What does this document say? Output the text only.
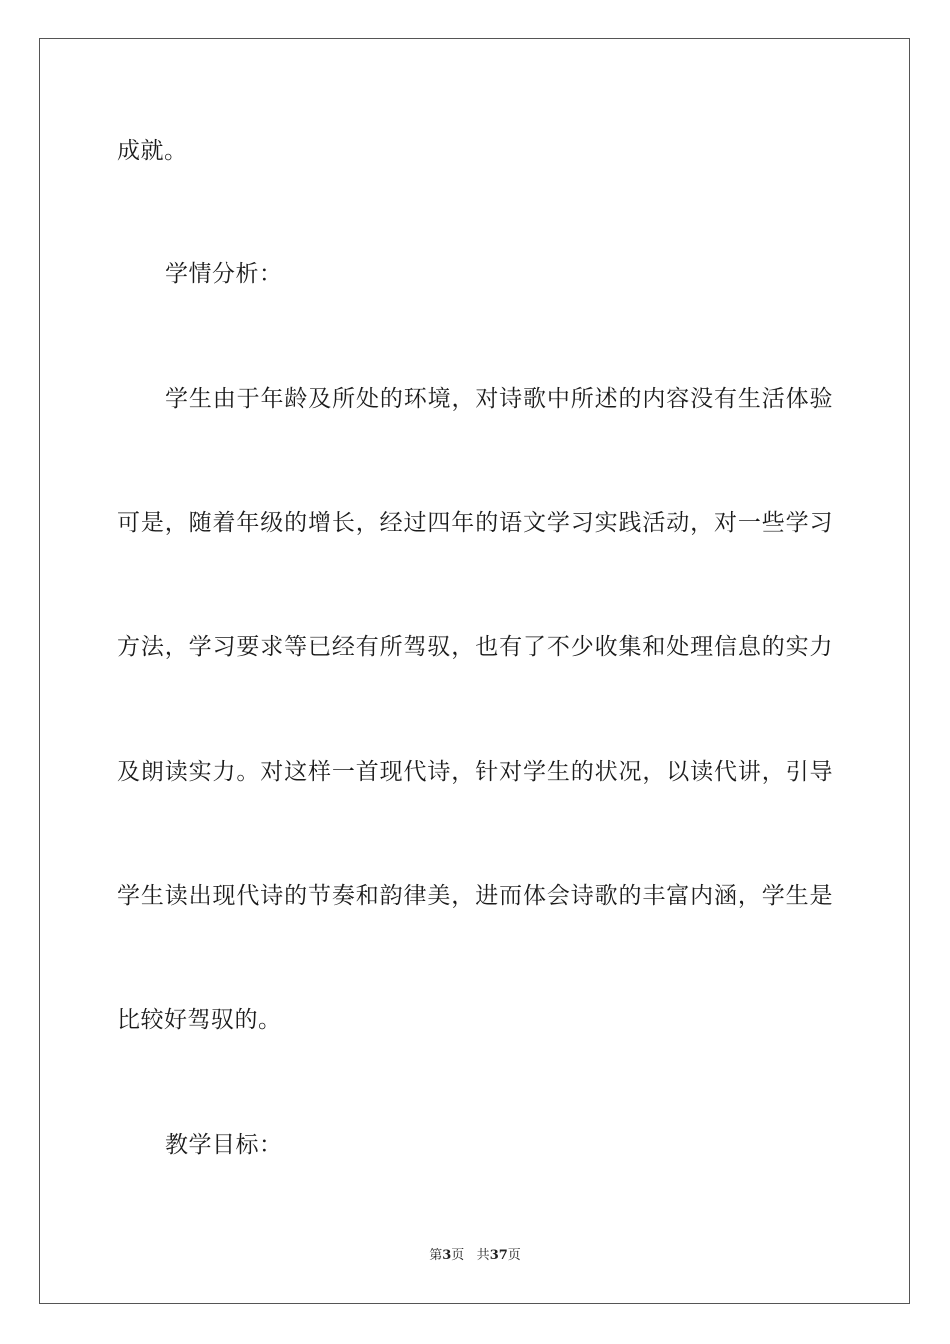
成就。
学情分析：
学生由于年龄及所处的环境，对诗歌中所述的内容没有生活体验
可是，随着年级的增长，经过四年的语文学习实践活动，对一些学习
方法，学习要求等已经有所驾驭，也有了不少收集和处理信息的实力
及朗读实力。对这样一首现代诗，针对学生的状况，以读代讲，引导
学生读出现代诗的节奏和韵律美，进而体会诗歌的丰富内涵，学生是
比较好驾驭的。
教学目标：
第3页 共37页
